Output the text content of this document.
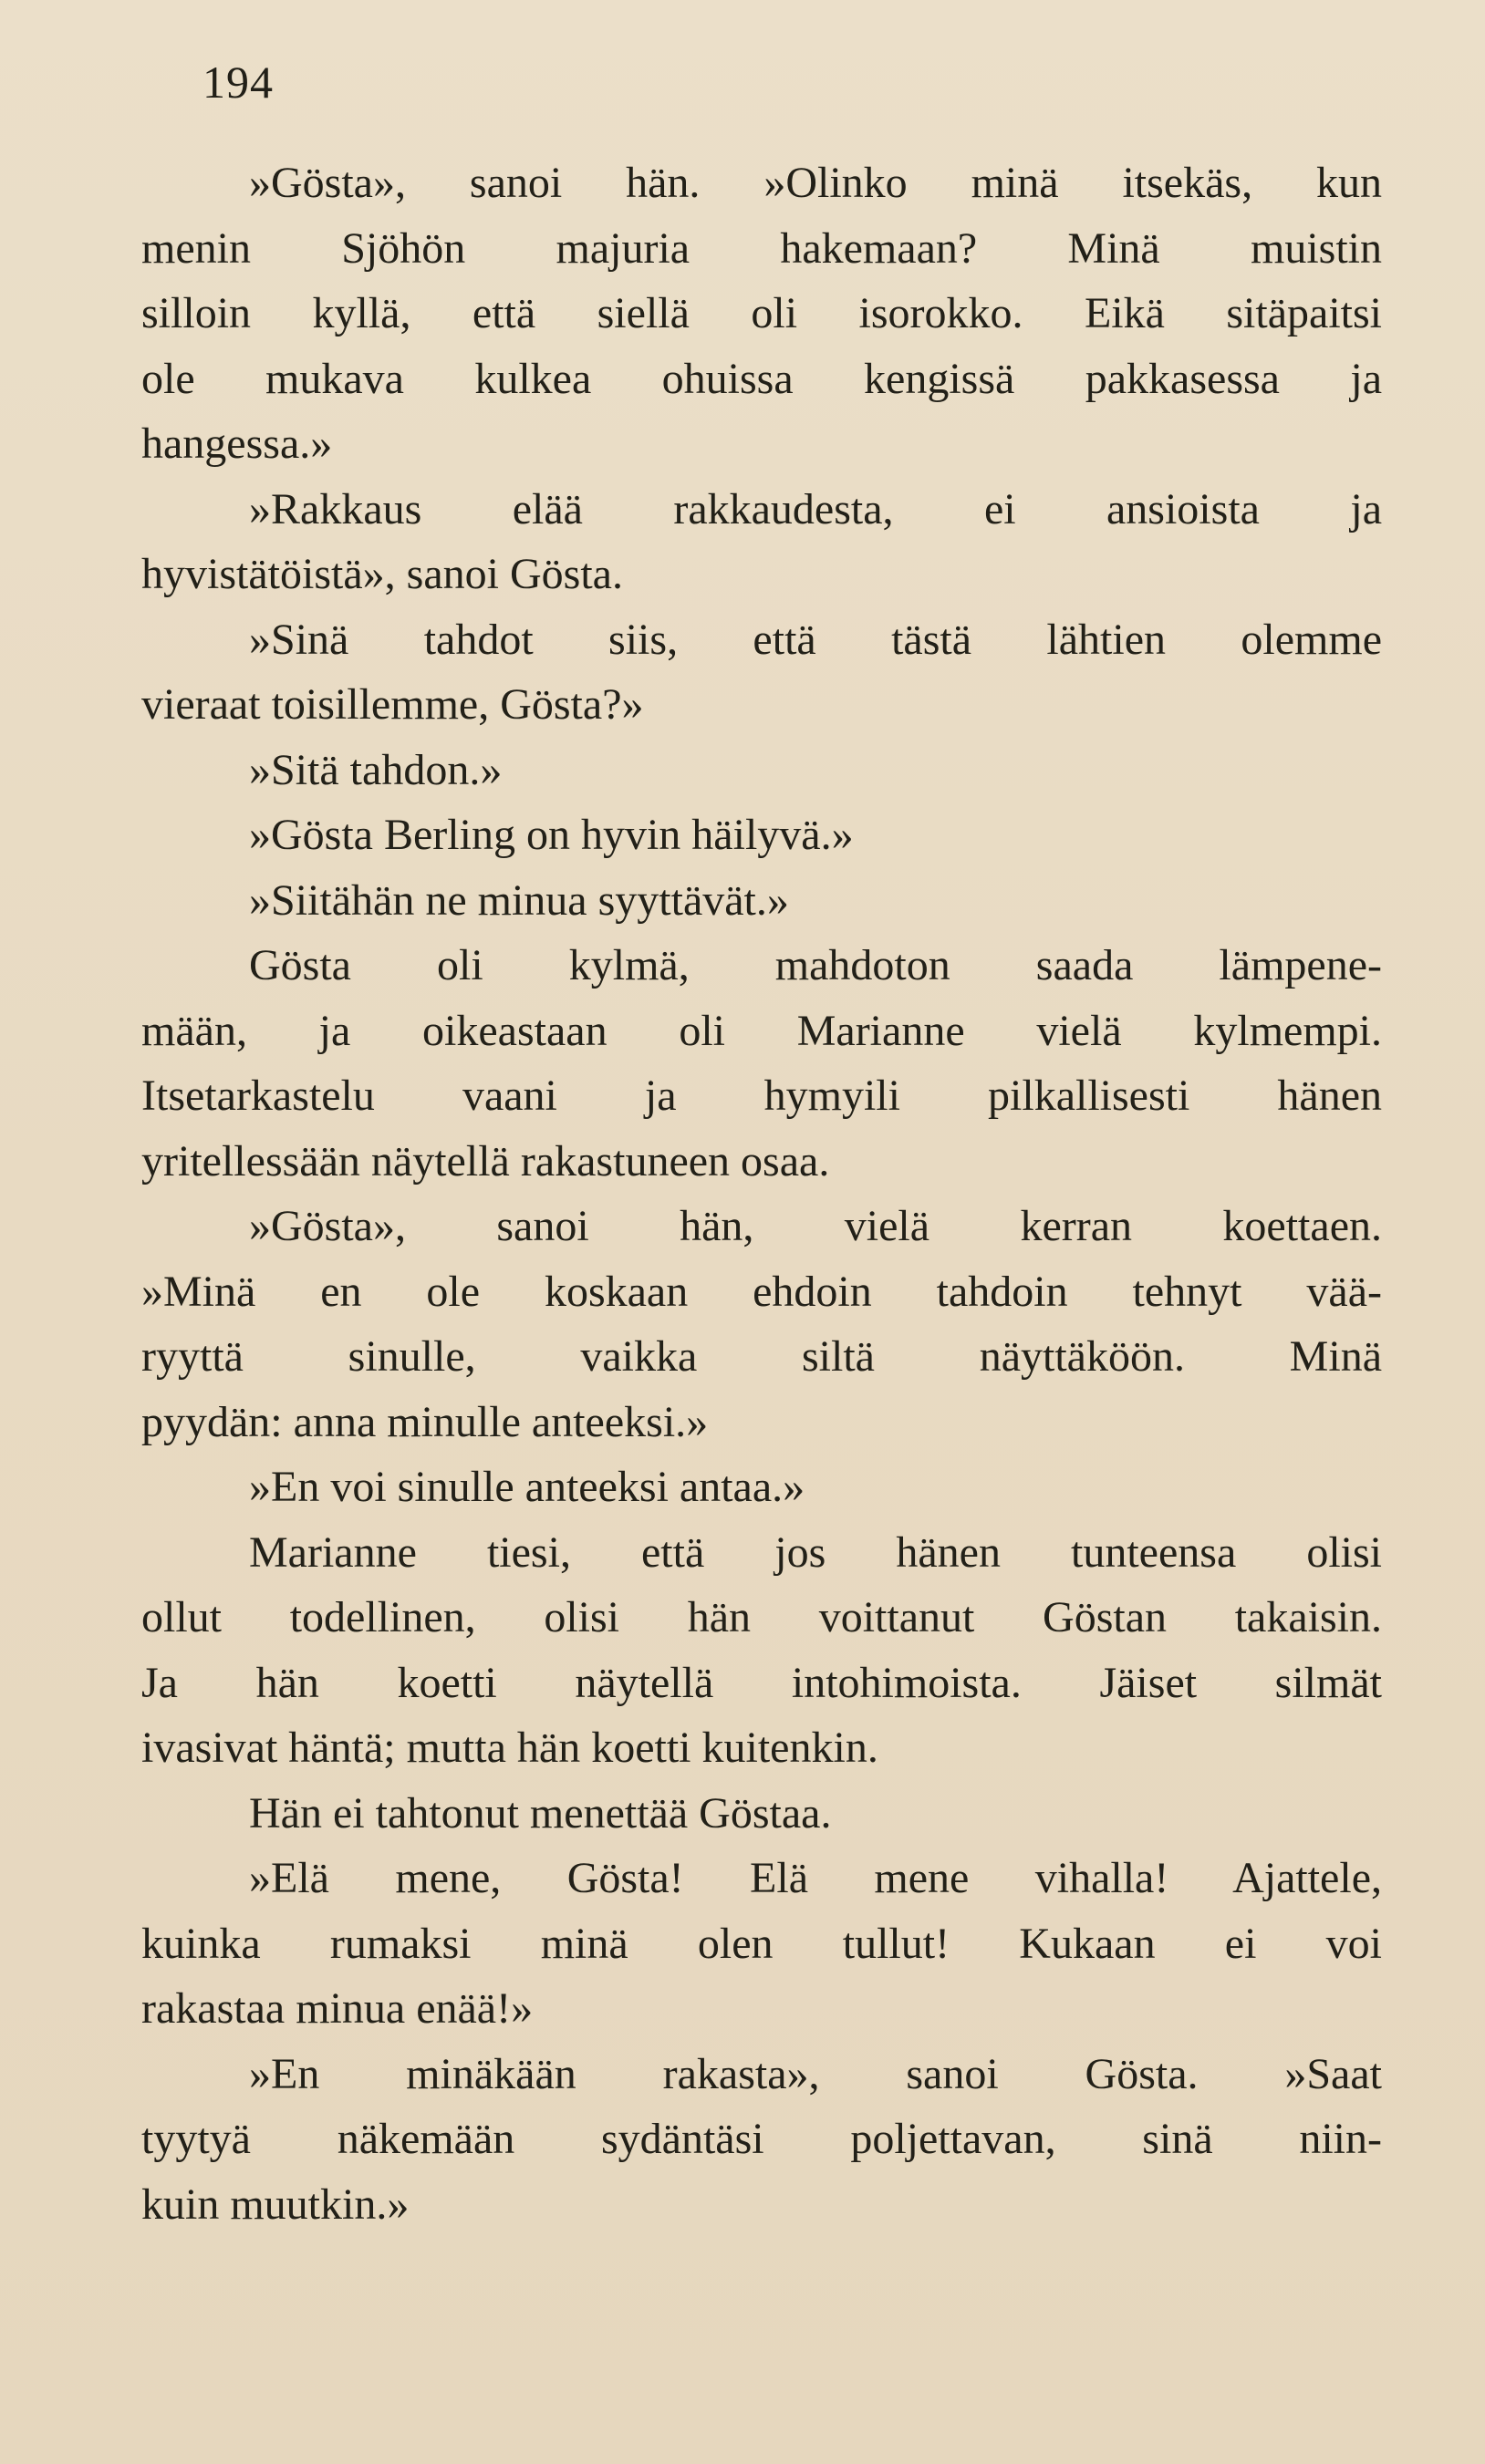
194
»Gösta», sanoi hän. »Olinko minä itsekäs, kun
menin Sjöhön majuria hakemaan? Minä muistin
silloin kyllä, että siellä oli isorokko. Eikä sitäpaitsi
ole mukava kulkea ohuissa kengissä pakkasessa ja
hangessa.»
»Rakkaus elää rakkaudesta, ei ansioista ja
hyvistätöistä», sanoi Gösta.
»Sinä tahdot siis, että tästä lähtien olemme
vieraat toisillemme, Gösta?»
»Sitä tahdon.»
»Gösta Berling on hyvin häilyvä.»
»Siitähän ne minua syyttävät.»
Gösta oli kylmä, mahdoton saada lämpene-
mään, ja oikeastaan oli Marianne vielä kylmempi.
Itsetarkastelu vaani ja hymyili pilkallisesti hänen
yritellessään näytellä rakastuneen osaa.
»Gösta», sanoi hän, vielä kerran koettaen.
»Minä en ole koskaan ehdoin tahdoin tehnyt vää-
ryyttä sinulle, vaikka siltä näyttäköön. Minä
pyydän: anna minulle anteeksi.»
»En voi sinulle anteeksi antaa.»
Marianne tiesi, että jos hänen tunteensa olisi
ollut todellinen, olisi hän voittanut Göstan takaisin.
Ja hän koetti näytellä intohimoista. Jäiset silmät
ivasivat häntä; mutta hän koetti kuitenkin.
Hän ei tahtonut menettää Göstaa.
»Elä mene, Gösta! Elä mene vihalla! Ajattele,
kuinka rumaksi minä olen tullut! Kukaan ei voi
rakastaa minua enää!»
»En minäkään rakasta», sanoi Gösta. »Saat
tyytyä näkemään sydäntäsi poljettavan, sinä niin-
kuin muutkin.»
